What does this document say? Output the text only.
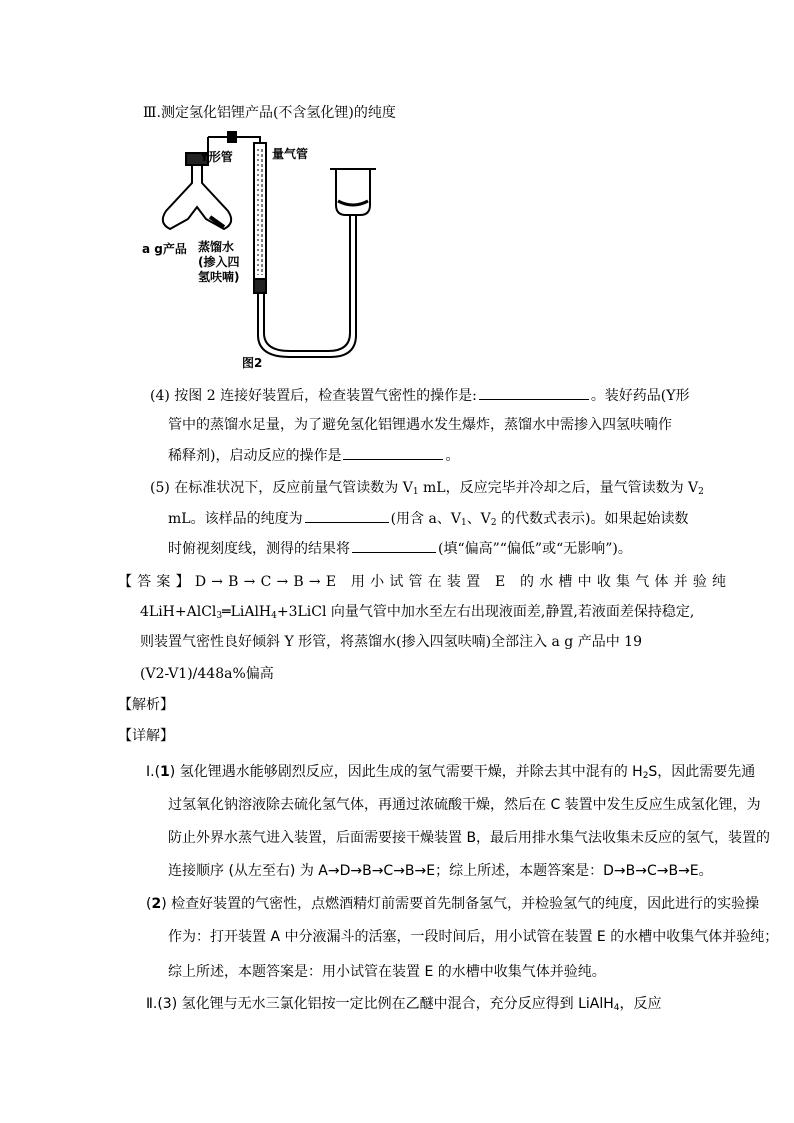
Ⅲ.测定氢化铝锂产品(不含氢化锂)的纯度
Y形管	量气管
a g产品 蒸馏水
(掺入四
氢呋喃)
图2
(4) 按图 2 连接好装置后，检查装置气密性的操作是:	。装好药品(Y形
管中的蒸馏水足量，为了避免氢化铝锂遇水发生爆炸，蒸馏水中需掺入四氢呋喃作
稀释剂)，启动反应的操作是	。
(5) 在标准状况下，反应前量气管读数为 $V_1$ mL，反应完毕并冷却之后，量气管读数为 $V_2$
mL。该样品的纯度为	(用含 a、$V_1$、$V_2$ 的代数式表示)。如果起始读数
时俯视刻度线，测得的结果将	(填“偏高”“偏低”或“无影响”)。
【答案】D→B→C→B→E 用小试管在装置 E 的水槽中收集气体并验纯
4LiH+AlCl$_3$═LiAlH$_4$+3LiCl 向量气管中加水至左右出现液面差,静置,若液面差保持稳定,
则装置气密性良好倾斜 Y 形管，将蒸馏水(掺入四氢呋喃)全部注入 a g 产品中 19
(V2-V1)/448a%偏高
【解析】
【详解】
Ⅰ.(1) 氢化锂遇水能够剧烈反应，因此生成的氢气需要干燥，并除去其中混有的 $H_2S$，因此需要先通
过氢氧化钠溶液除去硫化氢气体，再通过浓硫酸干燥，然后在 C 装置中发生反应生成氢化锂，为
防止外界水蒸气进入装置，后面需要接干燥装置 B，最后用排水集气法收集未反应的氢气，装置的
连接顺序 (从左至右) 为 A→D→B→C→B→E；综上所述，本题答案是：D→B→C→B→E。
(2) 检查好装置的气密性，点燃酒精灯前需要首先制备氢气，并检验氢气的纯度，因此进行的实验操
作为：打开装置 A 中分液漏斗的活塞，一段时间后，用小试管在装置 E 的水槽中收集气体并验纯；
综上所述，本题答案是：用小试管在装置 E 的水槽中收集气体并验纯。
Ⅱ.(3) 氢化锂与无水三氯化铝按一定比例在乙醚中混合，充分反应得到 LiAlH$_4$，反应
